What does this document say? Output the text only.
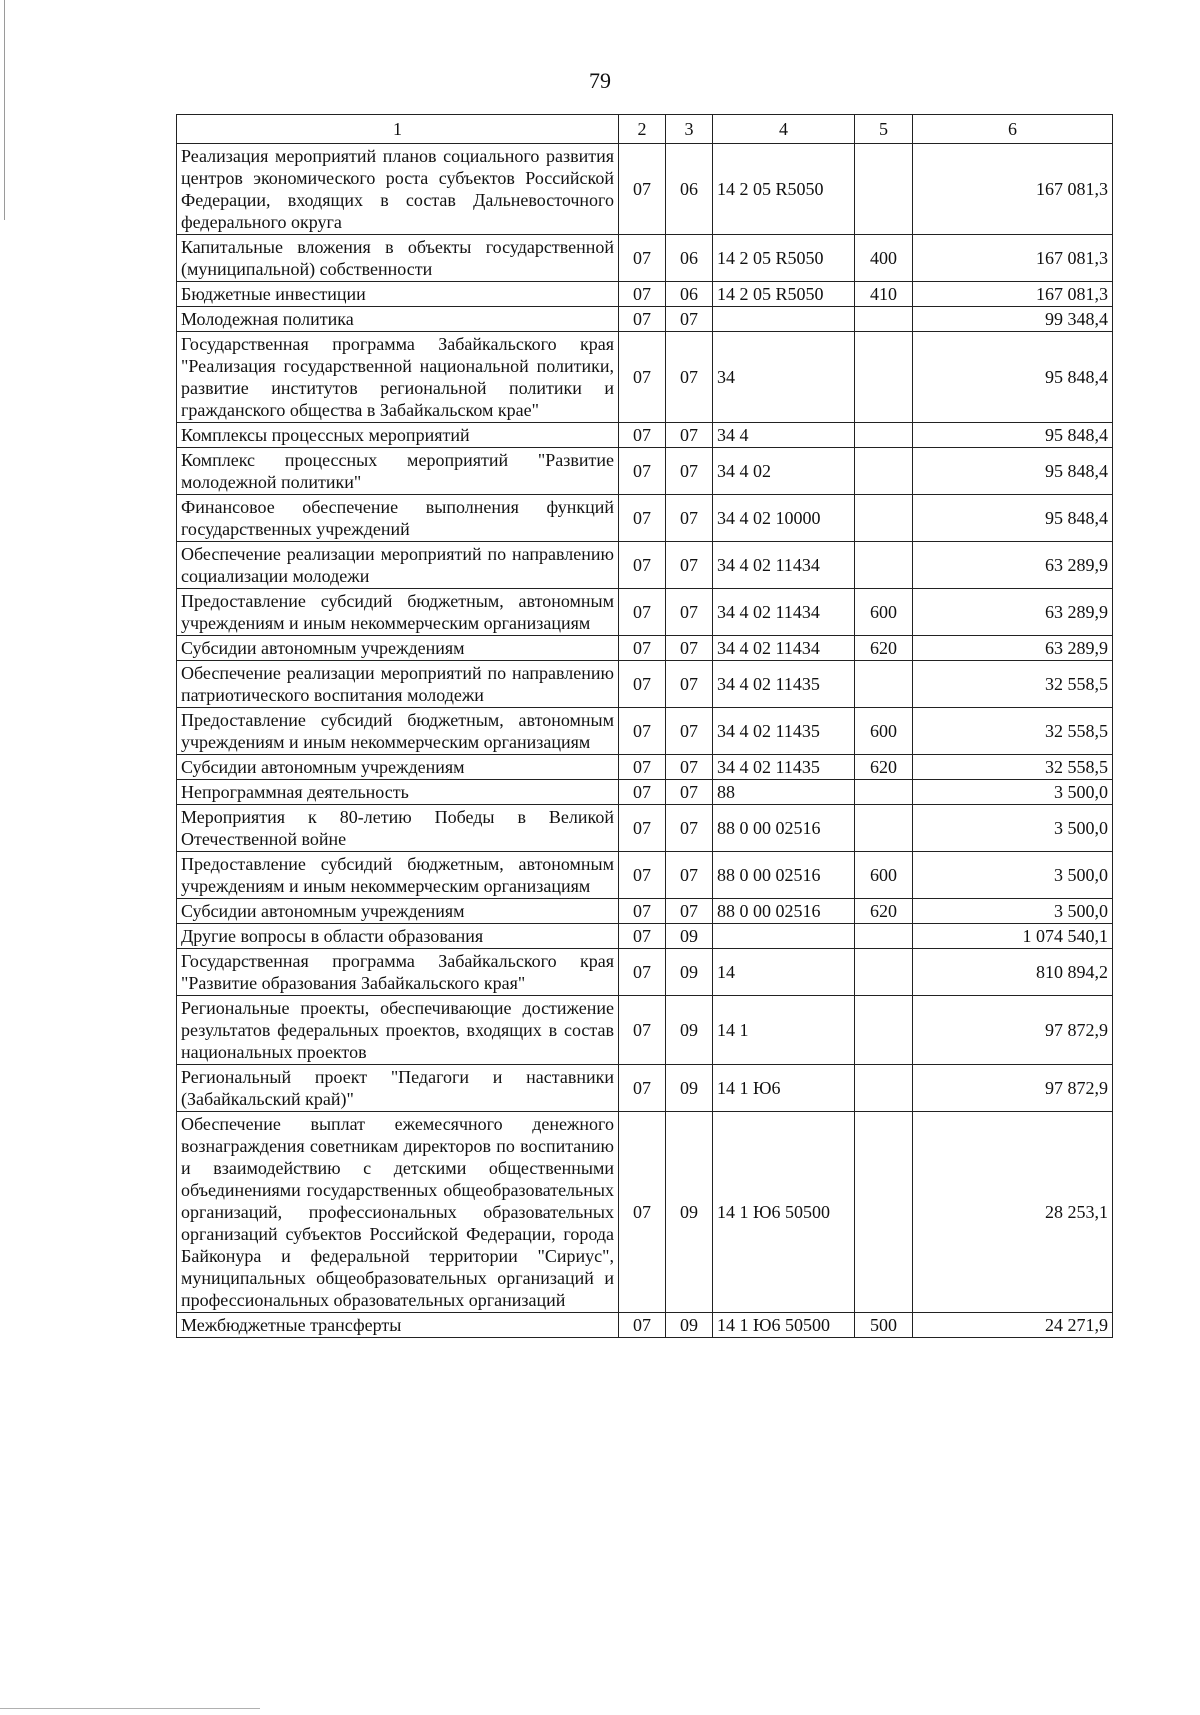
79
1	2	3	4	5	6
Реализация мероприятий планов социального развития центров экономического роста субъектов Российской Федерации, входящих в состав Дальневосточного федерального округа	07	06	14 2 05 R5050		167 081,3
Капитальные вложения в объекты государственной (муниципальной) собственности	07	06	14 2 05 R5050	400	167 081,3
Бюджетные инвестиции	07	06	14 2 05 R5050	410	167 081,3
Молодежная политика	07	07			99 348,4
Государственная программа Забайкальского края "Реализация государственной национальной политики, развитие институтов региональной политики и гражданского общества в Забайкальском крае"	07	07	34		95 848,4
Комплексы процессных мероприятий	07	07	34 4		95 848,4
Комплекс процессных мероприятий "Развитие молодежной политики"	07	07	34 4 02		95 848,4
Финансовое обеспечение выполнения функций государственных учреждений	07	07	34 4 02 10000		95 848,4
Обеспечение реализации мероприятий по направлению социализации молодежи	07	07	34 4 02 11434		63 289,9
Предоставление субсидий бюджетным, автономным учреждениям и иным некоммерческим организациям	07	07	34 4 02 11434	600	63 289,9
Субсидии автономным учреждениям	07	07	34 4 02 11434	620	63 289,9
Обеспечение реализации мероприятий по направлению патриотического воспитания молодежи	07	07	34 4 02 11435		32 558,5
Предоставление субсидий бюджетным, автономным учреждениям и иным некоммерческим организациям	07	07	34 4 02 11435	600	32 558,5
Субсидии автономным учреждениям	07	07	34 4 02 11435	620	32 558,5
Непрограммная деятельность	07	07	88		3 500,0
Мероприятия к 80-летию Победы в Великой Отечественной войне	07	07	88 0 00 02516		3 500,0
Предоставление субсидий бюджетным, автономным учреждениям и иным некоммерческим организациям	07	07	88 0 00 02516	600	3 500,0
Субсидии автономным учреждениям	07	07	88 0 00 02516	620	3 500,0
Другие вопросы в области образования	07	09			1 074 540,1
Государственная программа Забайкальского края "Развитие образования Забайкальского края"	07	09	14		810 894,2
Региональные проекты, обеспечивающие достижение результатов федеральных проектов, входящих в состав национальных проектов	07	09	14 1		97 872,9
Региональный проект "Педагоги и наставники (Забайкальский край)"	07	09	14 1 Ю6		97 872,9
Обеспечение выплат ежемесячного денежного вознаграждения советникам директоров по воспитанию и взаимодействию с детскими общественными объединениями государственных общеобразовательных организаций, профессиональных образовательных организаций субъектов Российской Федерации, города Байконура и федеральной территории "Сириус", муниципальных общеобразовательных организаций и профессиональных образовательных организаций	07	09	14 1 Ю6 50500		28 253,1
Межбюджетные трансферты	07	09	14 1 Ю6 50500	500	24 271,9
